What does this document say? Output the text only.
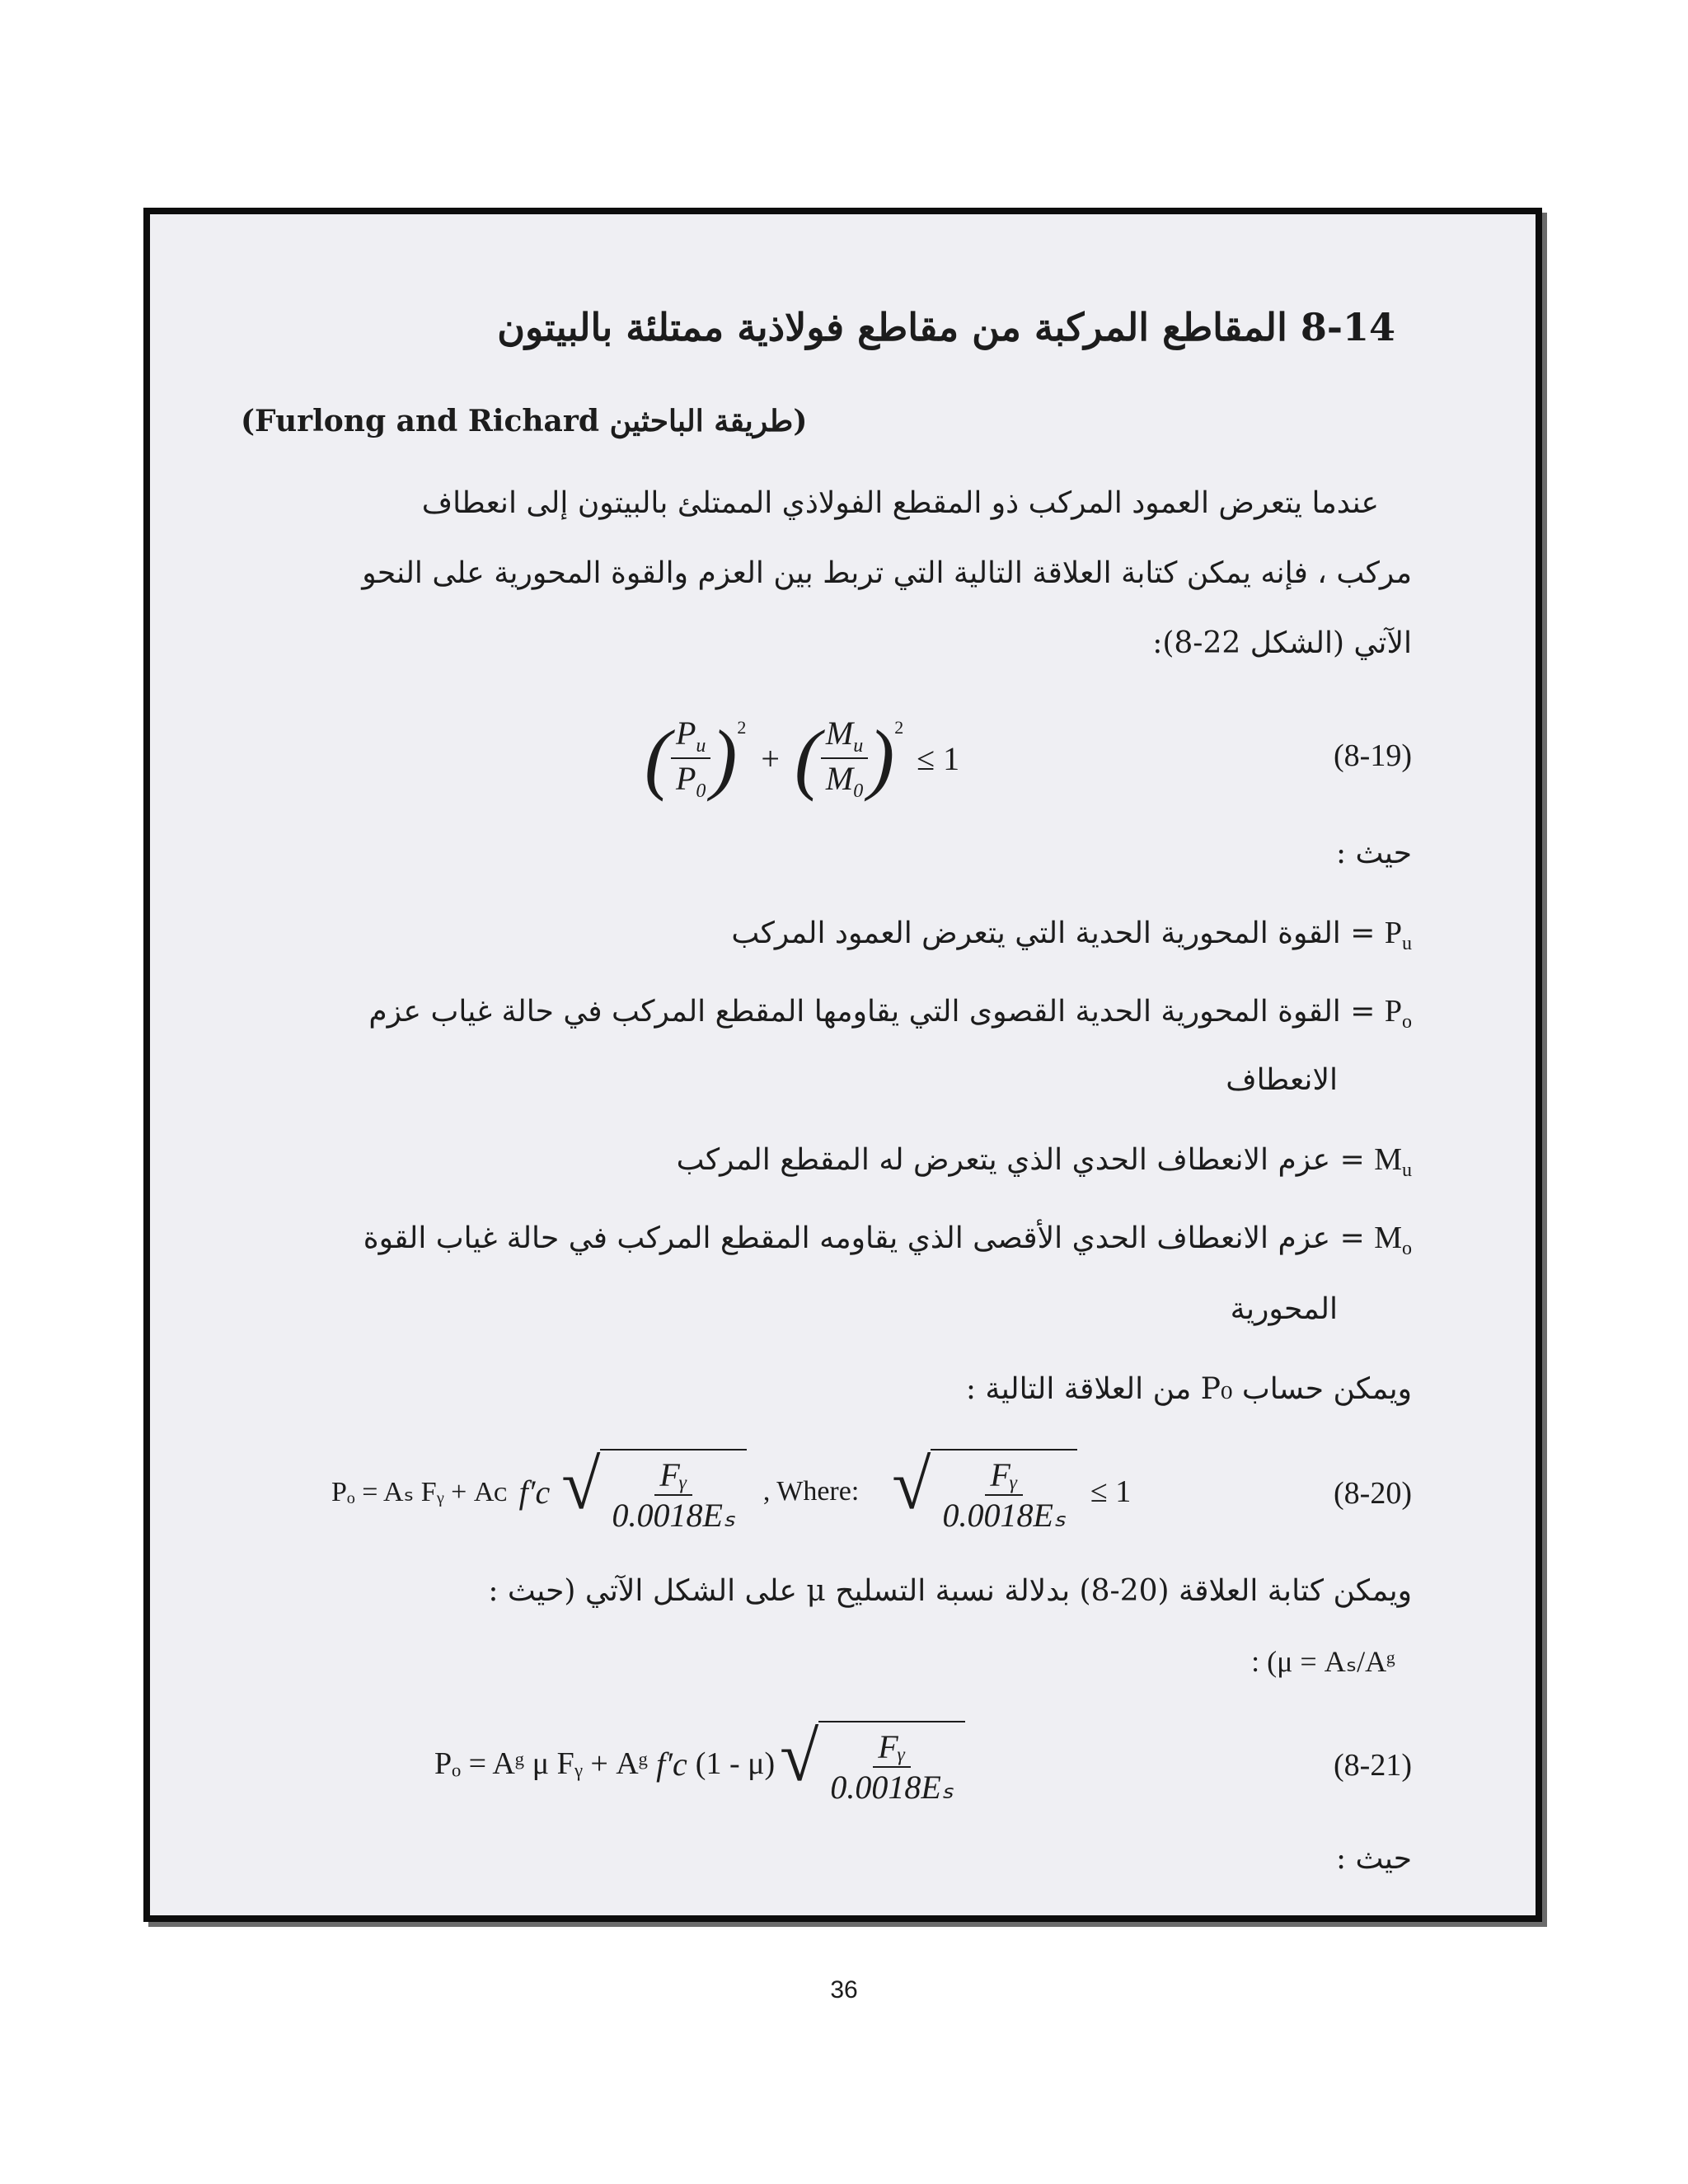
8-14 المقاطع المركبة من مقاطع فولاذية ممتلئة بالبيتون
(Furlong and Richard طريقة الباحثين)
عندما يتعرض العمود المركب ذو المقطع الفولاذي الممتلئ بالبيتون إلى انعطاف
مركب ، فإنه يمكن كتابة العلاقة التالية التي تربط بين العزم والقوة المحورية على النحو
الآتي (الشكل 22-8):
( $\frac{P_u}{P_0} )^2$
+ ( $\frac{M_u}{M_0} )^2$
≤ 1	(8-19)
حيث :
$P_u$ = القوة المحورية الحدية التي يتعرض العمود المركب
$P_o$ = القوة المحورية الحدية القصوى التي يقاومها المقطع المركب في حالة غياب عزم
الانعطاف
$M_u$ = عزم الانعطاف الحدي الذي يتعرض له المقطع المركب
$M_o$ = عزم الانعطاف الحدي الأقصى الذي يقاومه المقطع المركب في حالة غياب القوة
المحورية
ويمكن حساب P₀ من العلاقة التالية :
Pₒ = Aₛ Fᵧ + Aᴄ f′c √ $\frac{\text{Fᵧ}}{\text{0.0018Eₛ}}$ , Where: √ $\frac{\text{Fᵧ}}{\text{0.0018Eₛ}} \le 1$	(8-20)
ويمكن كتابة العلاقة (20-8) بدلالة نسبة التسليح μ على الشكل الآتي (حيث :
: (μ = Aₛ/Aᵍ
Pₒ = Aᵍ μ Fᵧ + Aᵍ f′c (1 - μ) √ $\frac{\text{Fᵧ}}{\text{0.0018Eₛ}}$	(8-21)
حيث :
36
